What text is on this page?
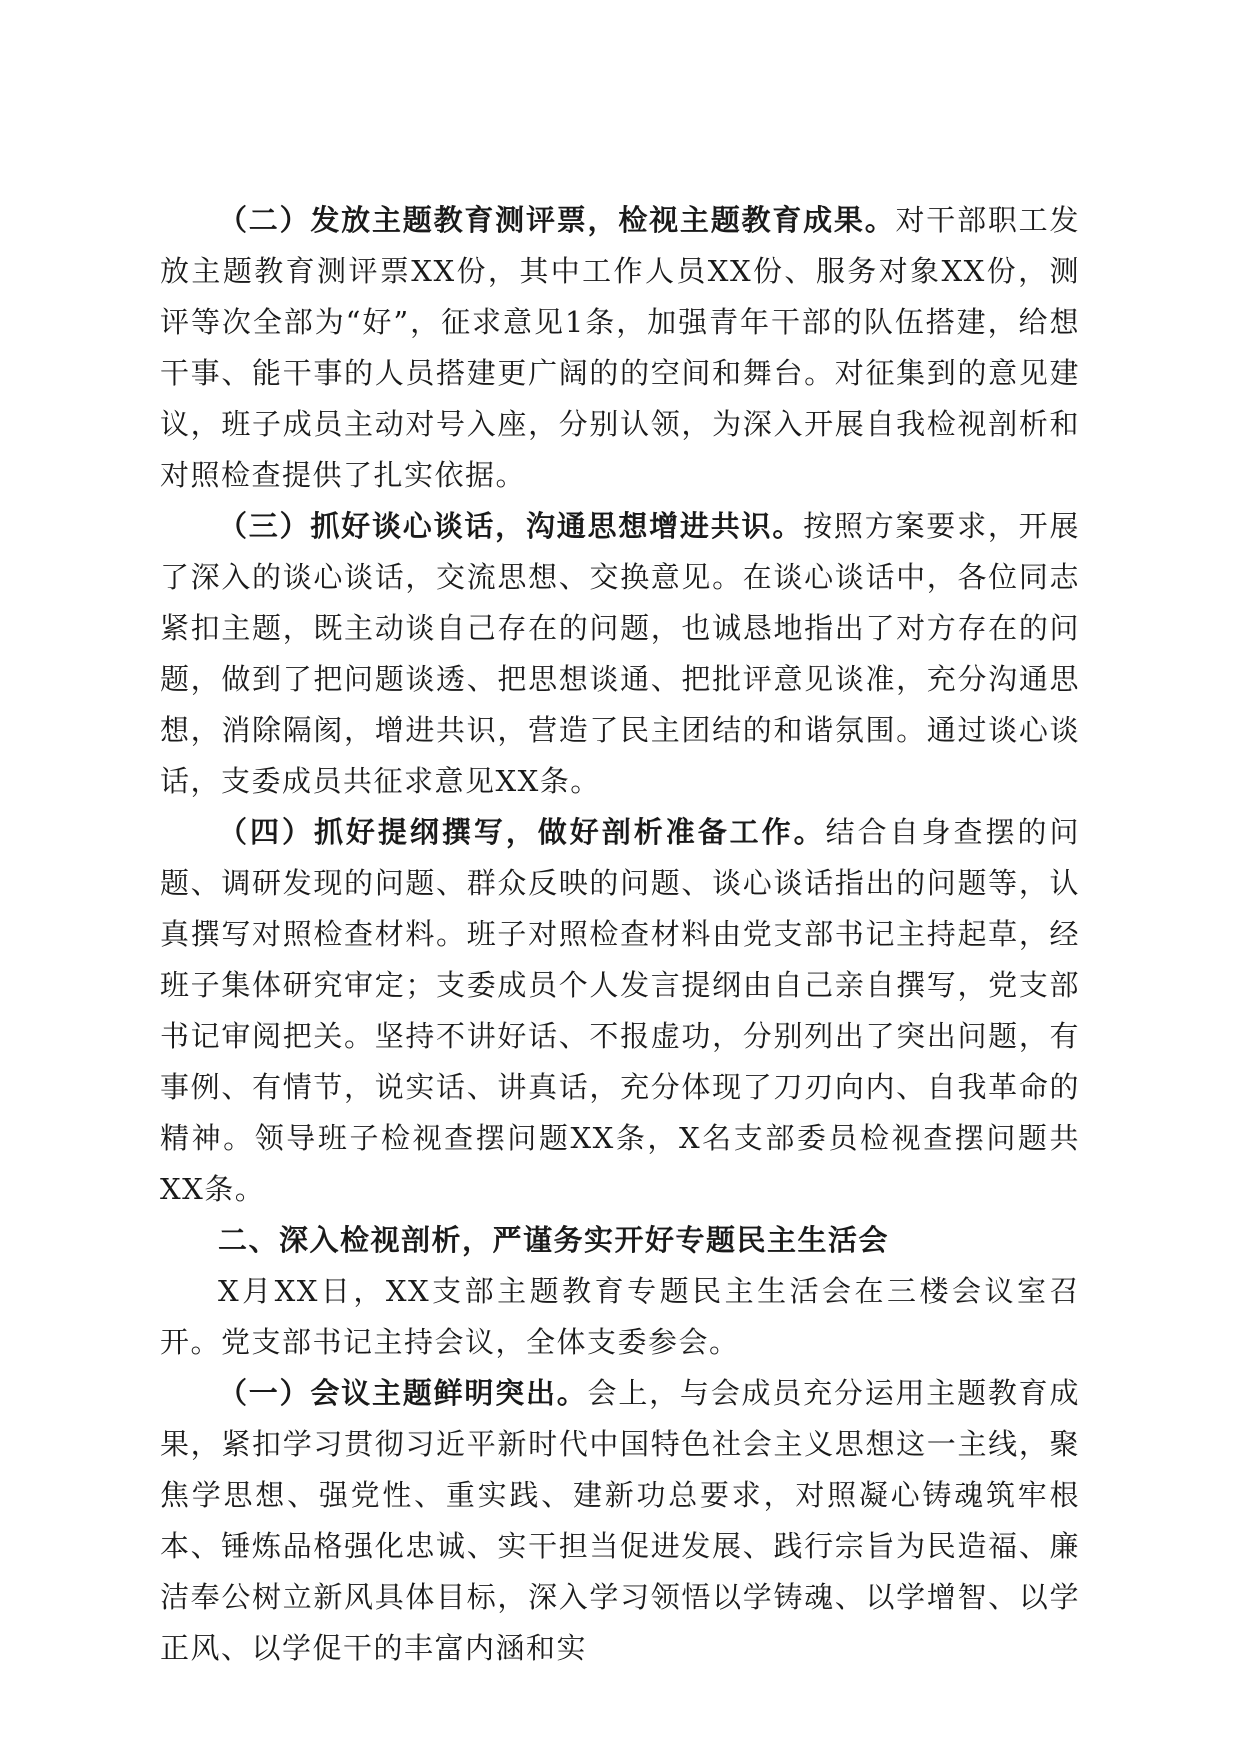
（二）发放主题教育测评票，检视主题教育成果。对干部职工发放主题教育测评票XX份，其中工作人员XX份、服务对象XX份，测评等次全部为“好”，征求意见1条，加强青年干部的队伍搭建，给想干事、能干事的人员搭建更广阔的的空间和舞台。对征集到的意见建议，班子成员主动对号入座，分别认领，为深入开展自我检视剖析和对照检查提供了扎实依据。

（三）抓好谈心谈话，沟通思想增进共识。按照方案要求，开展了深入的谈心谈话，交流思想、交换意见。在谈心谈话中，各位同志紧扣主题，既主动谈自己存在的问题，也诚恳地指出了对方存在的问题，做到了把问题谈透、把思想谈通、把批评意见谈准，充分沟通思想，消除隔阂，增进共识，营造了民主团结的和谐氛围。通过谈心谈话，支委成员共征求意见XX条。

（四）抓好提纲撰写，做好剖析准备工作。结合自身查摆的问题、调研发现的问题、群众反映的问题、谈心谈话指出的问题等，认真撰写对照检查材料。班子对照检查材料由党支部书记主持起草，经班子集体研究审定；支委成员个人发言提纲由自己亲自撰写，党支部书记审阅把关。坚持不讲好话、不报虚功，分别列出了突出问题，有事例、有情节，说实话、讲真话，充分体现了刀刃向内、自我革命的精神。领导班子检视查摆问题XX条，X名支部委员检视查摆问题共XX条。

二、深入检视剖析，严谨务实开好专题民主生活会

X月XX日，XX支部主题教育专题民主生活会在三楼会议室召开。党支部书记主持会议，全体支委参会。

（一）会议主题鲜明突出。会上，与会成员充分运用主题教育成果，紧扣学习贯彻习近平新时代中国特色社会主义思想这一主线，聚焦学思想、强党性、重实践、建新功总要求，对照凝心铸魂筑牢根本、锤炼品格强化忠诚、实干担当促进发展、践行宗旨为民造福、廉洁奉公树立新风具体目标，深入学习领悟以学铸魂、以学增智、以学正风、以学促干的丰富内涵和实
